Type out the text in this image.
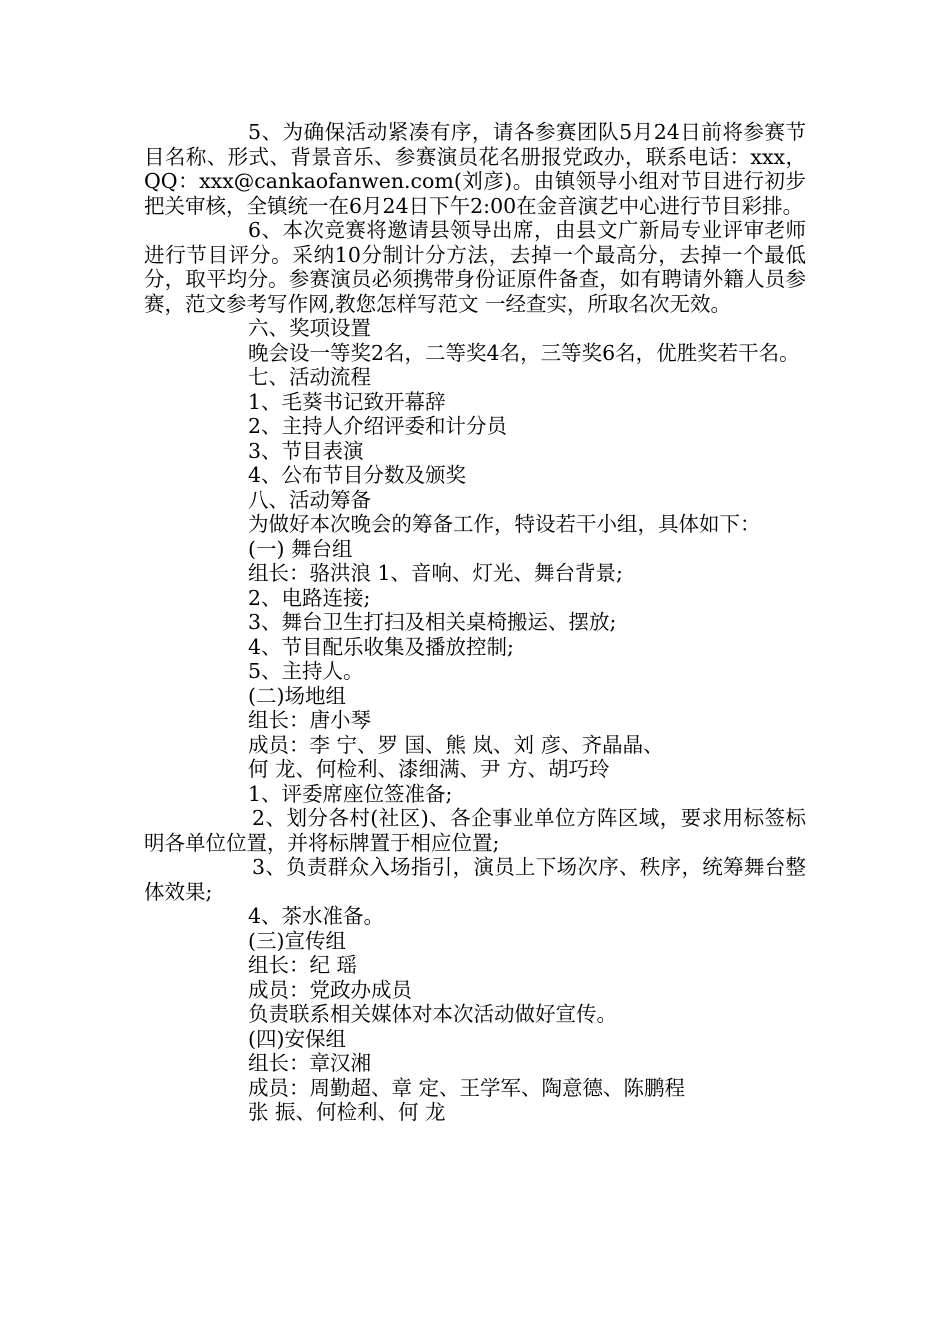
5、为确保活动紧凑有序，请各参赛团队5月24日前将参赛节目名称、形式、背景音乐、参赛演员花名册报党政办，联系电话：xxx，QQ：xxx@cankaofanwen.com(刘彦)。由镇领导小组对节目进行初步把关审核，全镇统一在6月24日下午2:00在金音演艺中心进行节目彩排。

6、本次竞赛将邀请县领导出席，由县文广新局专业评审老师进行节目评分。采纳10分制计分方法，去掉一个最高分，去掉一个最低分，取平均分。参赛演员必须携带身份证原件备查，如有聘请外籍人员参赛，范文参考写作网,教您怎样写范文 一经查实，所取名次无效。

六、奖项设置

晚会设一等奖2名，二等奖4名，三等奖6名，优胜奖若干名。

七、活动流程
1、毛葵书记致开幕辞
2、主持人介绍评委和计分员
3、节目表演
4、公布节目分数及颁奖
八、活动筹备
为做好本次晚会的筹备工作，特设若干小组，具体如下：
(一) 舞台组
组长：骆洪浪 1、音响、灯光、舞台背景;
2、电路连接;
3、舞台卫生打扫及相关桌椅搬运、摆放;
4、节目配乐收集及播放控制;
5、主持人。
(二)场地组
组长：唐小琴
成员：李 宁、罗 国、熊 岚、刘 彦、齐晶晶、
何 龙、何检利、漆细满、尹 方、胡巧玲
1、评委席座位签准备;

2、划分各村(社区)、各企事业单位方阵区域，要求用标签标明各单位位置，并将标牌置于相应位置;

3、负责群众入场指引，演员上下场次序、秩序，统筹舞台整体效果;

4、茶水准备。
(三)宣传组
组长：纪 瑶
成员：党政办成员
负责联系相关媒体对本次活动做好宣传。
(四)安保组
组长：章汉湘
成员：周勤超、章 定、王学军、陶意德、陈鹏程
张 振、何检利、何 龙
